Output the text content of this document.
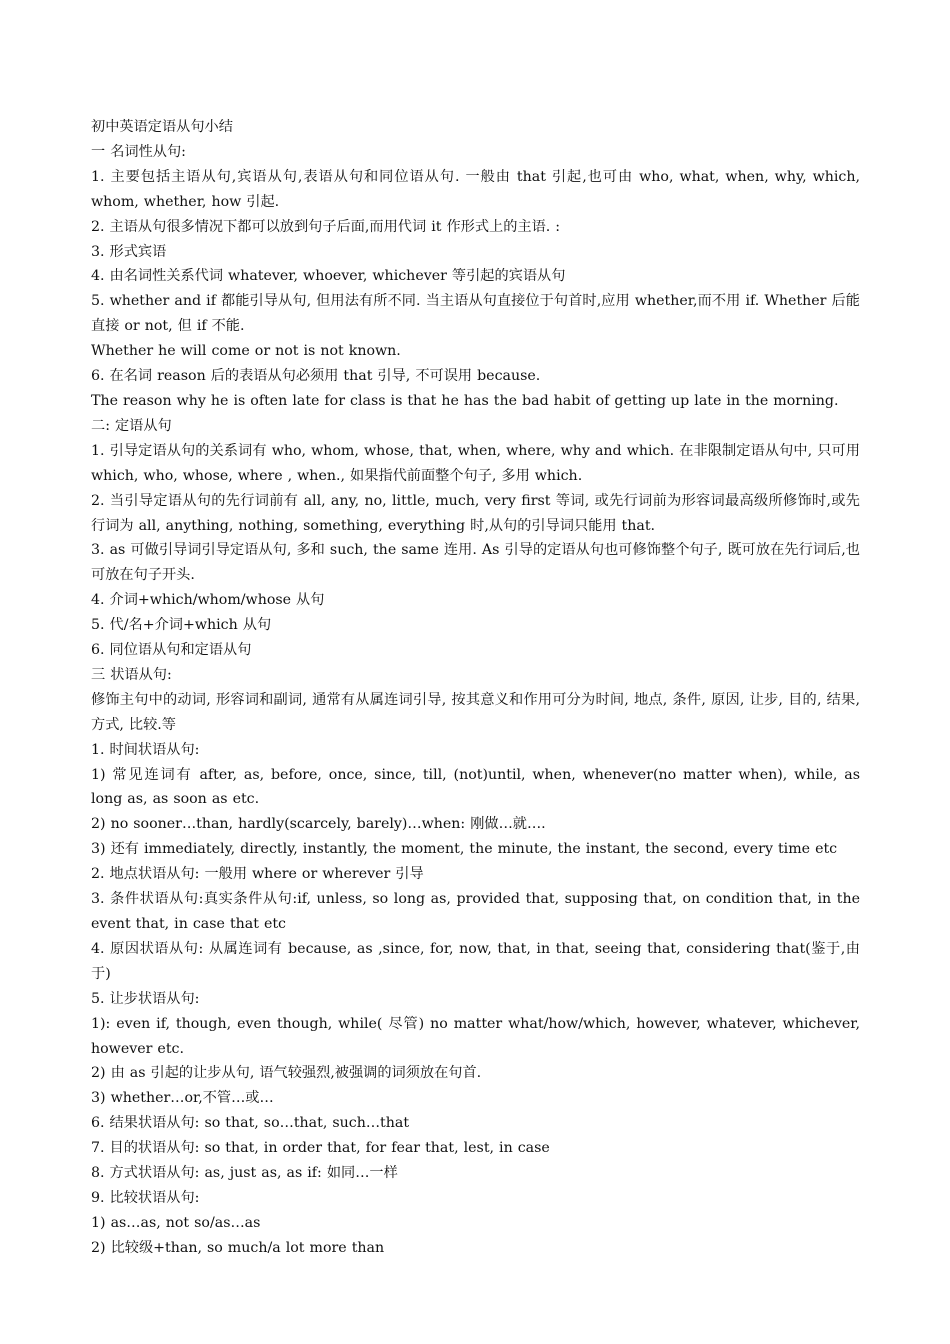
初中英语定语从句小结

一 名词性从句:

1. 主要包括主语从句,宾语从句,表语从句和同位语从句. 一般由 that 引起,也可由 who, what, when, why, which, whom, whether, how 引起.

2. 主语从句很多情况下都可以放到句子后面,而用代词 it 作形式上的主语. :

3. 形式宾语

4. 由名词性关系代词 whatever, whoever, whichever 等引起的宾语从句

5. whether and if 都能引导从句, 但用法有所不同. 当主语从句直接位于句首时,应用 whether,而不用 if. Whether 后能直接 or not, 但 if 不能.

Whether he will come or not is not known.

6. 在名词 reason 后的表语从句必须用 that 引导, 不可误用 because.

The reason why he is often late for class is that he has the bad habit of getting up late in the morning.

二: 定语从句

1. 引导定语从句的关系词有 who, whom, whose, that, when, where, why and which. 在非限制定语从句中, 只可用 which, who, whose, where , when., 如果指代前面整个句子, 多用 which.

2. 当引导定语从句的先行词前有 all, any, no, little, much, very first 等词, 或先行词前为形容词最高级所修饰时,或先行词为 all, anything, nothing, something, everything 时,从句的引导词只能用 that.

3. as 可做引导词引导定语从句, 多和 such, the same 连用. As 引导的定语从句也可修饰整个句子, 既可放在先行词后,也可放在句子开头.

4. 介词+which/whom/whose 从句

5. 代/名+介词+which 从句

6. 同位语从句和定语从句

三 状语从句:

修饰主句中的动词, 形容词和副词, 通常有从属连词引导, 按其意义和作用可分为时间, 地点, 条件, 原因, 让步, 目的, 结果, 方式, 比较.等

1. 时间状语从句:

1) 常见连词有 after, as, before, once, since, till, (not)until, when, whenever(no matter when), while, as long as, as soon as etc.

2) no sooner…than, hardly(scarcely, barely)…when: 刚做…就….

3) 还有 immediately, directly, instantly, the moment, the minute, the instant, the second, every time etc

2. 地点状语从句: 一般用 where or wherever 引导

3. 条件状语从句:真实条件从句:if, unless, so long as, provided that, supposing that, on condition that, in the event that, in case that etc

4. 原因状语从句: 从属连词有 because, as ,since, for, now, that, in that, seeing that, considering that(鉴于,由于)

5. 让步状语从句:

1): even if, though, even though, while( 尽管) no matter what/how/which, however, whatever, whichever, however etc.

2) 由 as 引起的让步从句, 语气较强烈,被强调的词须放在句首.

3) whether…or,不管…或…

6. 结果状语从句: so that, so…that, such…that

7. 目的状语从句: so that, in order that, for fear that, lest, in case

8. 方式状语从句: as, just as, as if: 如同…一样

9. 比较状语从句:

1) as…as, not so/as…as

2) 比较级+than, so much/a lot more than
